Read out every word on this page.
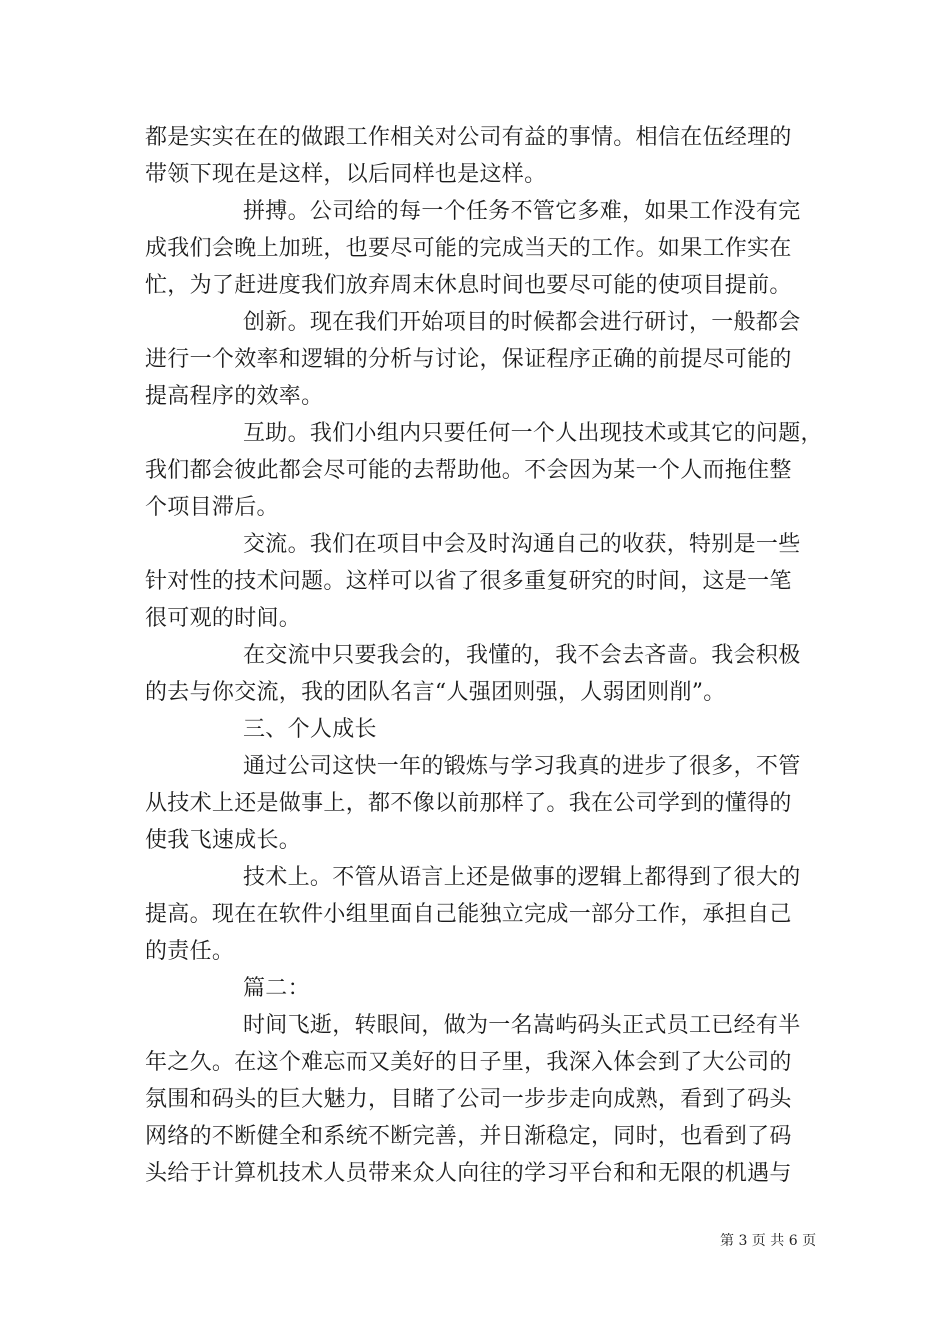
都是实实在在的做跟工作相关对公司有益的事情。相信在伍经理的
带领下现在是这样，以后同样也是这样。
拼搏。公司给的每一个任务不管它多难，如果工作没有完
成我们会晚上加班，也要尽可能的完成当天的工作。如果工作实在
忙，为了赶进度我们放弃周末休息时间也要尽可能的使项目提前。
创新。现在我们开始项目的时候都会进行研讨，一般都会
进行一个效率和逻辑的分析与讨论，保证程序正确的前提尽可能的
提高程序的效率。
互助。我们小组内只要任何一个人出现技术或其它的问题，
我们都会彼此都会尽可能的去帮助他。不会因为某一个人而拖住整
个项目滞后。
交流。我们在项目中会及时沟通自己的收获，特别是一些
针对性的技术问题。这样可以省了很多重复研究的时间，这是一笔
很可观的时间。
在交流中只要我会的，我懂的，我不会去吝啬。我会积极
的去与你交流，我的团队名言“人强团则强，人弱团则削”。
三、个人成长
通过公司这快一年的锻炼与学习我真的进步了很多，不管
从技术上还是做事上，都不像以前那样了。我在公司学到的懂得的
使我飞速成长。
技术上。不管从语言上还是做事的逻辑上都得到了很大的
提高。现在在软件小组里面自己能独立完成一部分工作，承担自己
的责任。
篇二：
时间飞逝，转眼间，做为一名嵩屿码头正式员工已经有半
年之久。在这个难忘而又美好的日子里，我深入体会到了大公司的
氛围和码头的巨大魅力，目睹了公司一步步走向成熟，看到了码头
网络的不断健全和系统不断完善，并日渐稳定，同时，也看到了码
头给于计算机技术人员带来众人向往的学习平台和和无限的机遇与
第 3 页 共 6 页
